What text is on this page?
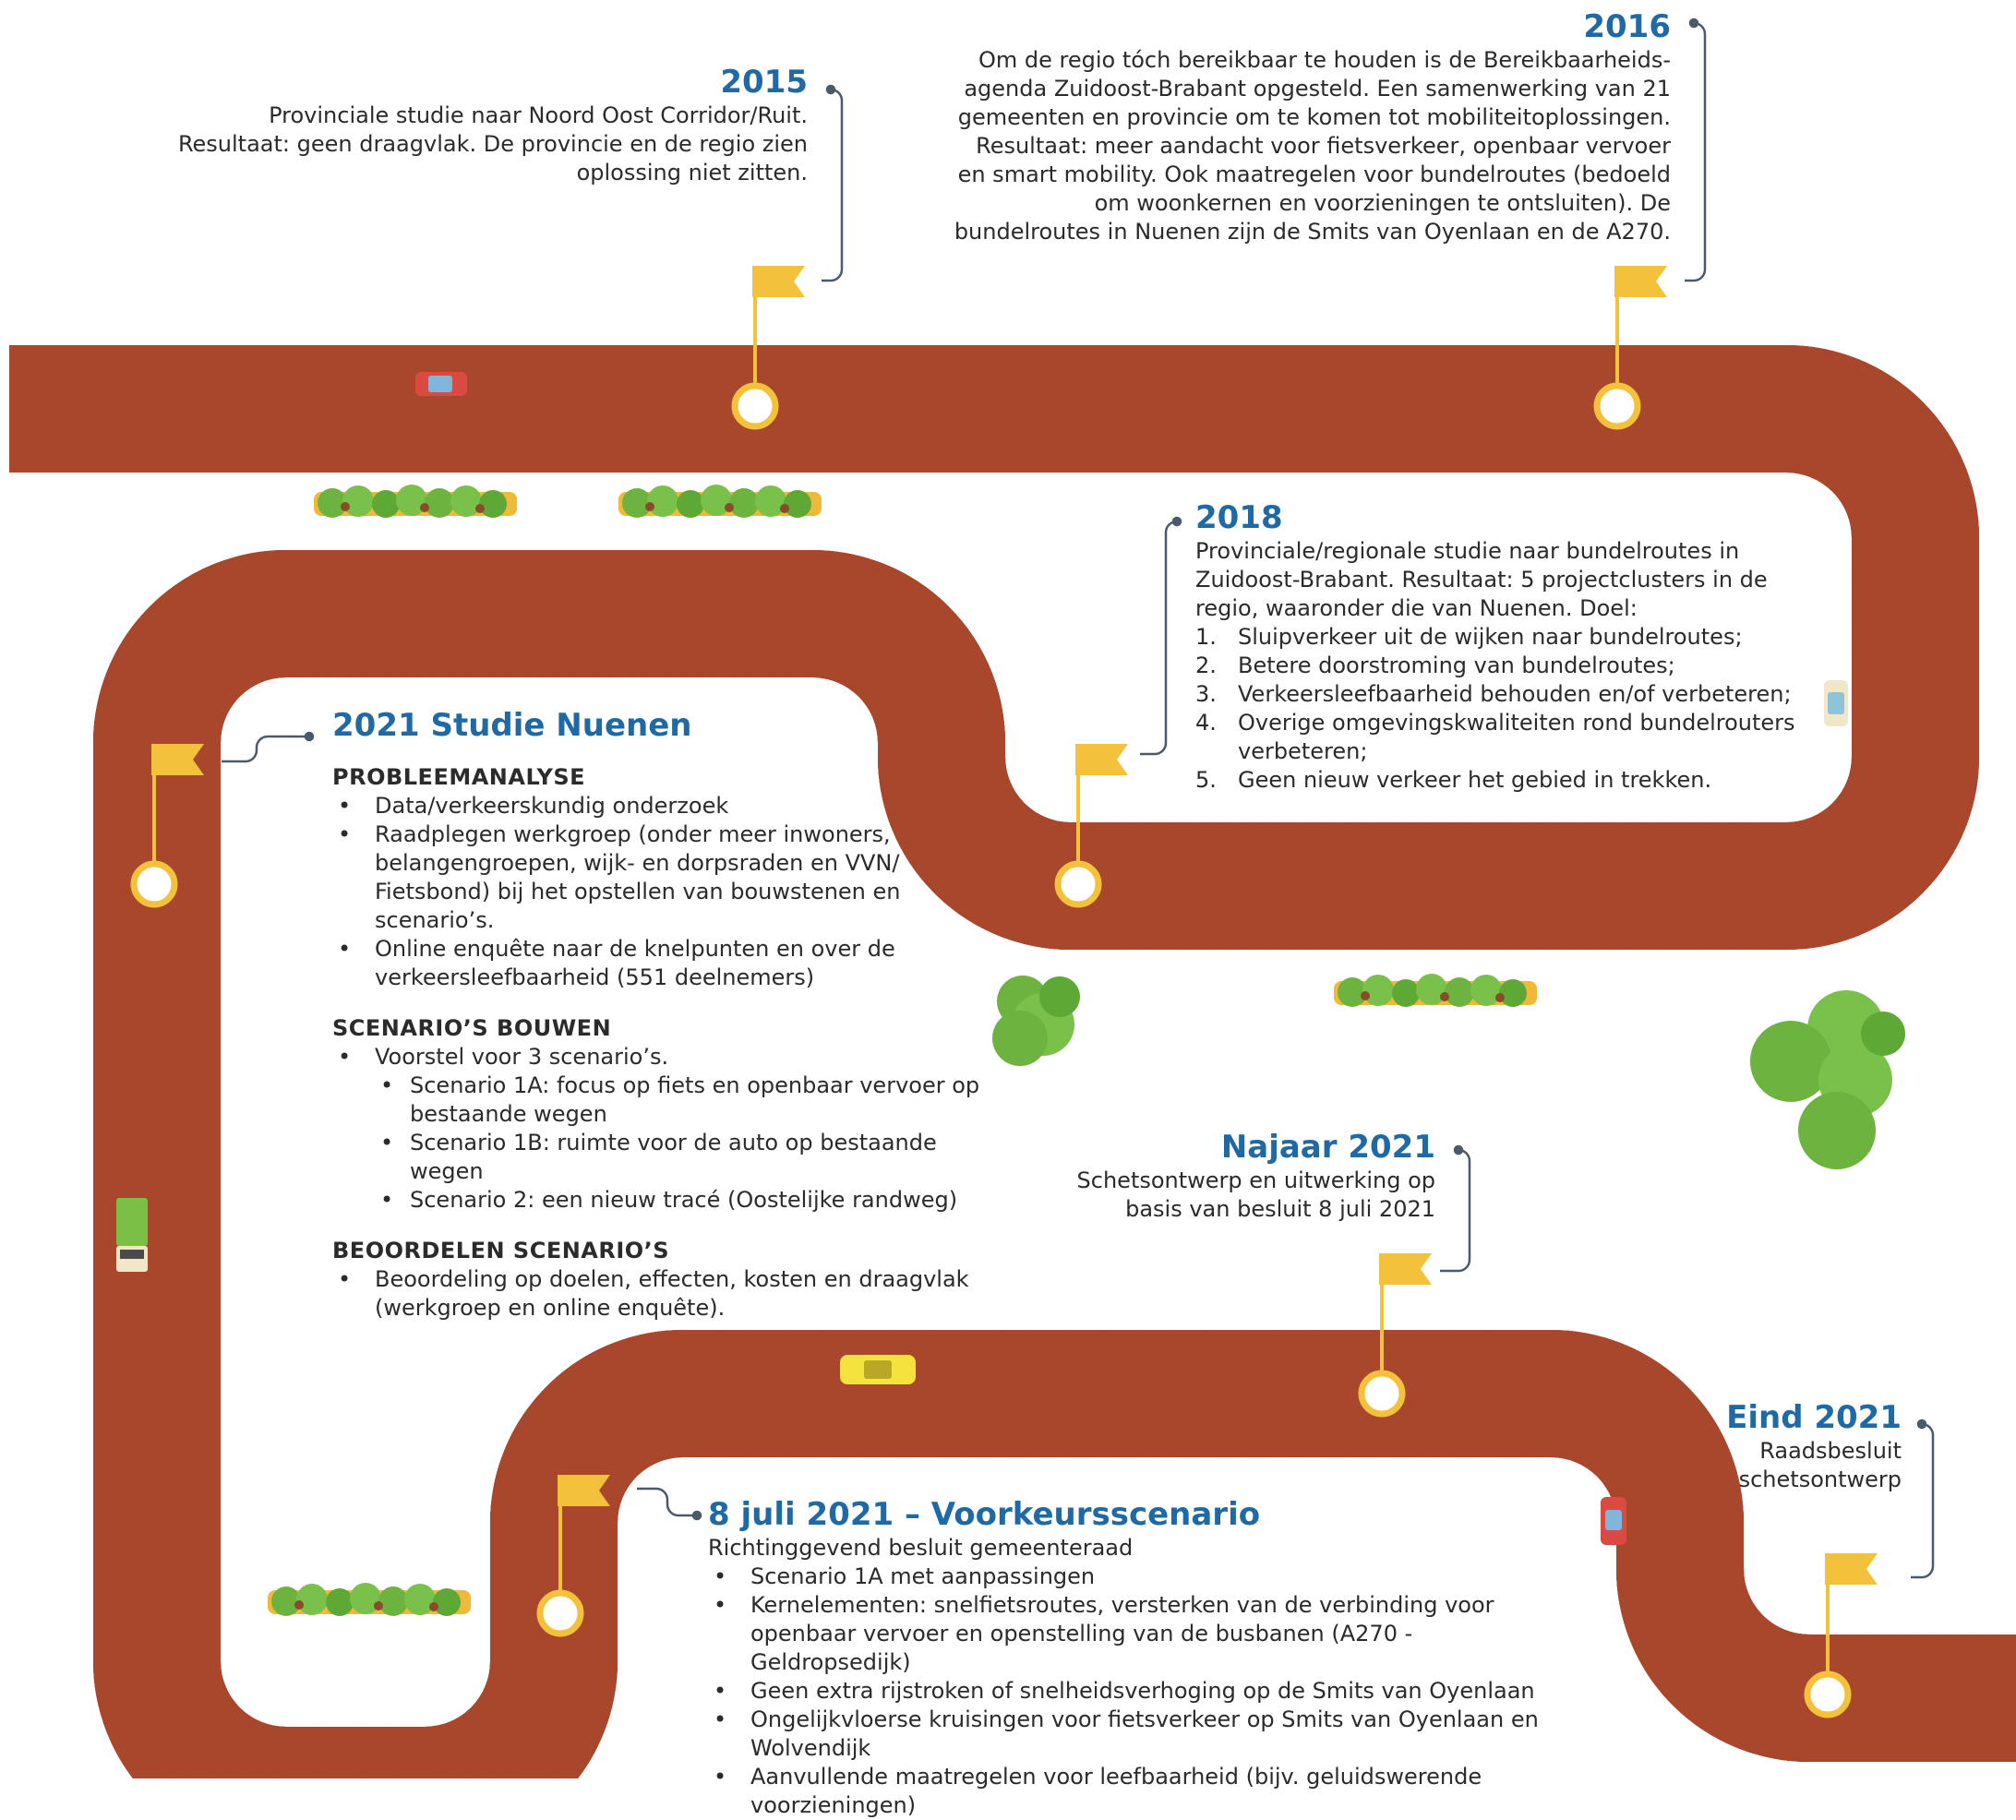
2015
Provinciale studie naar Noord Oost Corridor/Ruit. Resultaat: geen draagvlak. De provincie en de regio zien oplossing niet zitten.
2016
Om de regio tóch bereikbaar te houden is de Bereikbaarheids-agenda Zuidoost-Brabant opgesteld. Een samenwerking van 21 gemeenten en provincie om te komen tot mobiliteitoplossingen. Resultaat: meer aandacht voor fietsverkeer, openbaar vervoer en smart mobility. Ook maatregelen voor bundelroutes (bedoeld om woonkernen en voorzieningen te ontsluiten). De bundelroutes in Nuenen zijn de Smits van Oyenlaan en de A270.
2018
Provinciale/regionale studie naar bundelroutes in Zuidoost-Brabant. Resultaat: 5 projectclusters in de regio, waaronder die van Nuenen. Doel:
Sluipverkeer uit de wijken naar bundelroutes;
Betere doorstroming van bundelroutes;
Verkeersleefbaarheid behouden en/of verbeteren;
Overige omgevingskwaliteiten rond bundelrouters verbeteren;
Geen nieuw verkeer het gebied in trekken.
2021 Studie Nuenen
PROBLEEMANALYSE
• Data/verkeerskundig onderzoek
• Raadplegen werkgroep (onder meer inwoners, belangengroepen, wijk- en dorpsraden en VVN/ Fietsbond) bij het opstellen van bouwstenen en scenario’s.
• Online enquête naar de knelpunten en over de verkeersleefbaarheid (551 deelnemers)
SCENARIO’S BOUWEN
• Voorstel voor 3 scenario’s.
• Scenario 1A: focus op fiets en openbaar vervoer op bestaande wegen
• Scenario 1B: ruimte voor de auto op bestaande wegen
• Scenario 2: een nieuw tracé (Oostelijke randweg)
BEOORDELEN SCENARIO’S
• Beoordeling op doelen, effecten, kosten en draagvlak (werkgroep en online enquête).
Najaar 2021
Schetsontwerp en uitwerking op basis van besluit 8 juli 2021
Eind 2021
Raadsbesluit schetsontwerp
8 juli 2021 – Voorkeursscenario
Richtinggevend besluit gemeenteraad
• Scenario 1A met aanpassingen
• Kernelementen: snelfietsroutes, versterken van de verbinding voor openbaar vervoer en openstelling van de busbanen (A270 - Geldropsedijk)
• Geen extra rijstroken of snelheidsverhoging op de Smits van Oyenlaan
• Ongelijkvloerse kruisingen voor fietsverkeer op Smits van Oyenlaan en Wolvendijk
• Aanvullende maatregelen voor leefbaarheid (bijv. geluidswerende voorzieningen)
